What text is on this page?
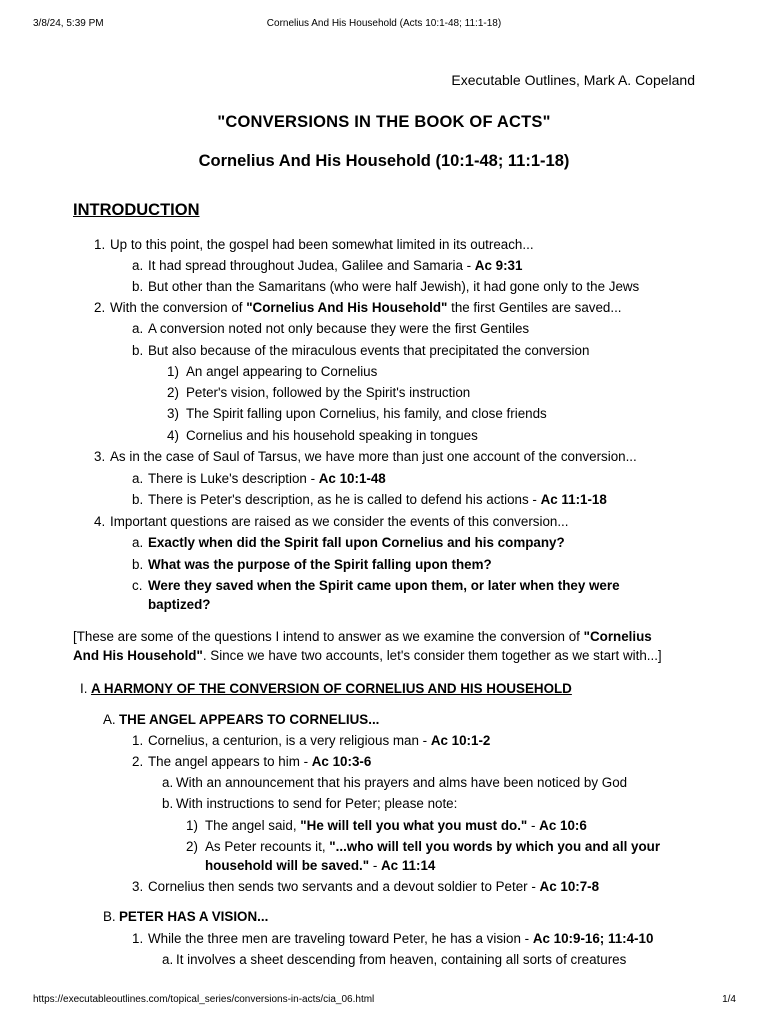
3/8/24, 5:39 PM	Cornelius And His Household (Acts 10:1-48; 11:1-18)
Executable Outlines, Mark A. Copeland
"CONVERSIONS IN THE BOOK OF ACTS"
Cornelius And His Household (10:1-48; 11:1-18)
INTRODUCTION
1. Up to this point, the gospel had been somewhat limited in its outreach...
a. It had spread throughout Judea, Galilee and Samaria - Ac 9:31
b. But other than the Samaritans (who were half Jewish), it had gone only to the Jews
2. With the conversion of "Cornelius And His Household" the first Gentiles are saved...
a. A conversion noted not only because they were the first Gentiles
b. But also because of the miraculous events that precipitated the conversion
1) An angel appearing to Cornelius
2) Peter's vision, followed by the Spirit's instruction
3) The Spirit falling upon Cornelius, his family, and close friends
4) Cornelius and his household speaking in tongues
3. As in the case of Saul of Tarsus, we have more than just one account of the conversion...
a. There is Luke's description - Ac 10:1-48
b. There is Peter's description, as he is called to defend his actions - Ac 11:1-18
4. Important questions are raised as we consider the events of this conversion...
a. Exactly when did the Spirit fall upon Cornelius and his company?
b. What was the purpose of the Spirit falling upon them?
c. Were they saved when the Spirit came upon them, or later when they were
baptized?
[These are some of the questions I intend to answer as we examine the conversion of "Cornelius
And His Household". Since we have two accounts, let's consider them together as we start with...]
I. A HARMONY OF THE CONVERSION OF CORNELIUS AND HIS HOUSEHOLD
A. THE ANGEL APPEARS TO CORNELIUS...
1. Cornelius, a centurion, is a very religious man - Ac 10:1-2
2. The angel appears to him - Ac 10:3-6
a. With an announcement that his prayers and alms have been noticed by God
b. With instructions to send for Peter; please note:
1) The angel said, "He will tell you what you must do." - Ac 10:6
2) As Peter recounts it, "...who will tell you words by which you and all your
household will be saved." - Ac 11:14
3. Cornelius then sends two servants and a devout soldier to Peter - Ac 10:7-8
B. PETER HAS A VISION...
1. While the three men are traveling toward Peter, he has a vision - Ac 10:9-16; 11:4-10
a. It involves a sheet descending from heaven, containing all sorts of creatures
https://executableoutlines.com/topical_series/conversions-in-acts/cia_06.html	1/4
